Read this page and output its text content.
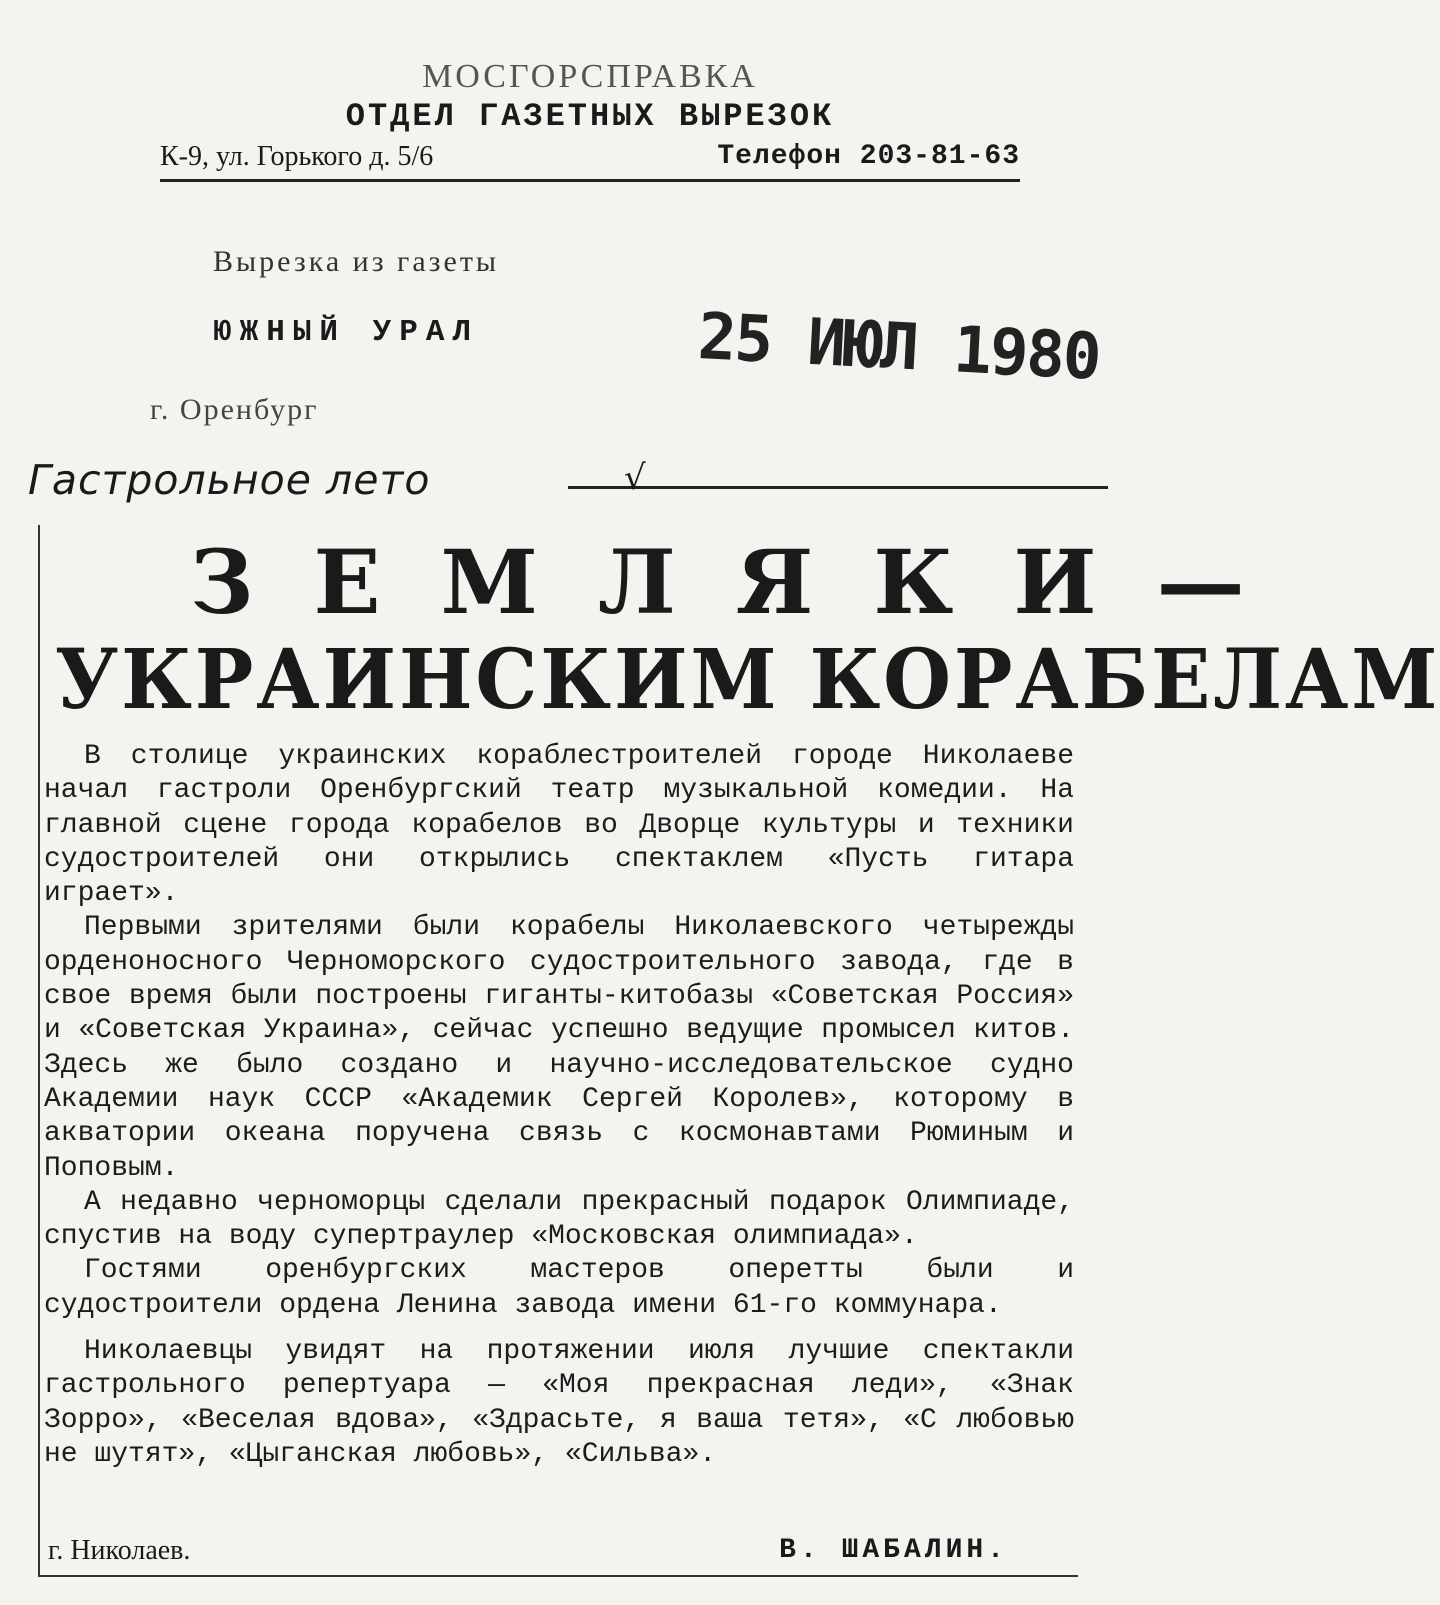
МОСГОРСПРАВКА
ОТДЕЛ ГАЗЕТНЫХ ВЫРЕЗОК
К-9, ул. Горького д. 5/6	Телефон 203-81-63
Вырезка из газеты
ЮЖНЫЙ УРАЛ
г. Оренбург
25 ИЮЛ 1980
Гастрольное лето	√
ЗЕМЛЯКИ—
УКРАИНСКИМ КОРАБЕЛАМ

В столице украинских кораблестроителей городе Николаеве начал гастроли Оренбургский театр музыкальной комедии. На главной сцене города корабелов во Дворце культуры и техники судостроителей они открылись спектаклем «Пусть гитара играет».

Первыми зрителями были корабелы Николаевского четырежды орденоносного Черноморского судостроительного завода, где в свое время были построены гиганты-китобазы «Советская Россия» и «Советская Украина», сейчас успешно ведущие промысел китов. Здесь же было создано и научно-исследовательское судно Академии наук СССР «Академик Сергей Королев», которому в акватории океана поручена связь с космонавтами Рюминым и Поповым.

А недавно черноморцы сделали прекрасный подарок Олимпиаде, спустив на воду супертраулер «Московская олимпиада».

Гостями оренбургских мастеров оперетты были и судостроители ордена Ленина завода имени 61-го коммунара.

Николаевцы увидят на протяжении июля лучшие спектакли гастрольного репертуара — «Моя прекрасная леди», «Знак Зорро», «Веселая вдова», «Здрасьте, я ваша тетя», «С любовью не шутят», «Цыганская любовь», «Сильва».

г. Николаев.	В. ШАБАЛИН.
